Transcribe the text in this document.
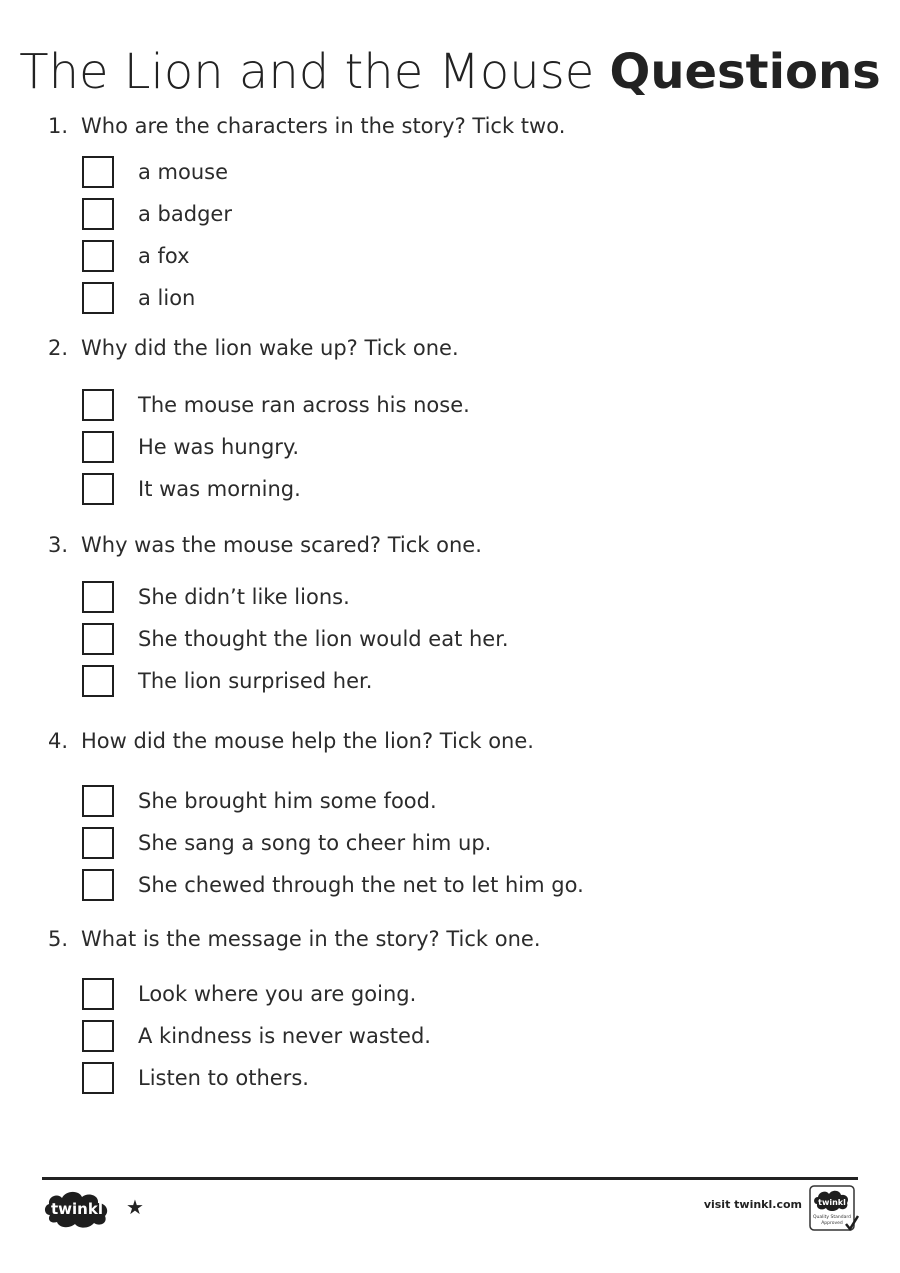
The Lion and the Mouse Questions
1. Who are the characters in the story? Tick two.
a mouse
a badger
a fox
a lion
2. Why did the lion wake up? Tick one.
The mouse ran across his nose.
He was hungry.
It was morning.
3. Why was the mouse scared? Tick one.
She didn’t like lions.
She thought the lion would eat her.
The lion surprised her.
4. How did the mouse help the lion? Tick one.
She brought him some food.
She sang a song to cheer him up.
She chewed through the net to let him go.
5. What is the message in the story? Tick one.
Look where you are going.
A kindness is never wasted.
Listen to others.
twinkl ★	visit twinkl.com twinkl
Quality Standard
Approved
